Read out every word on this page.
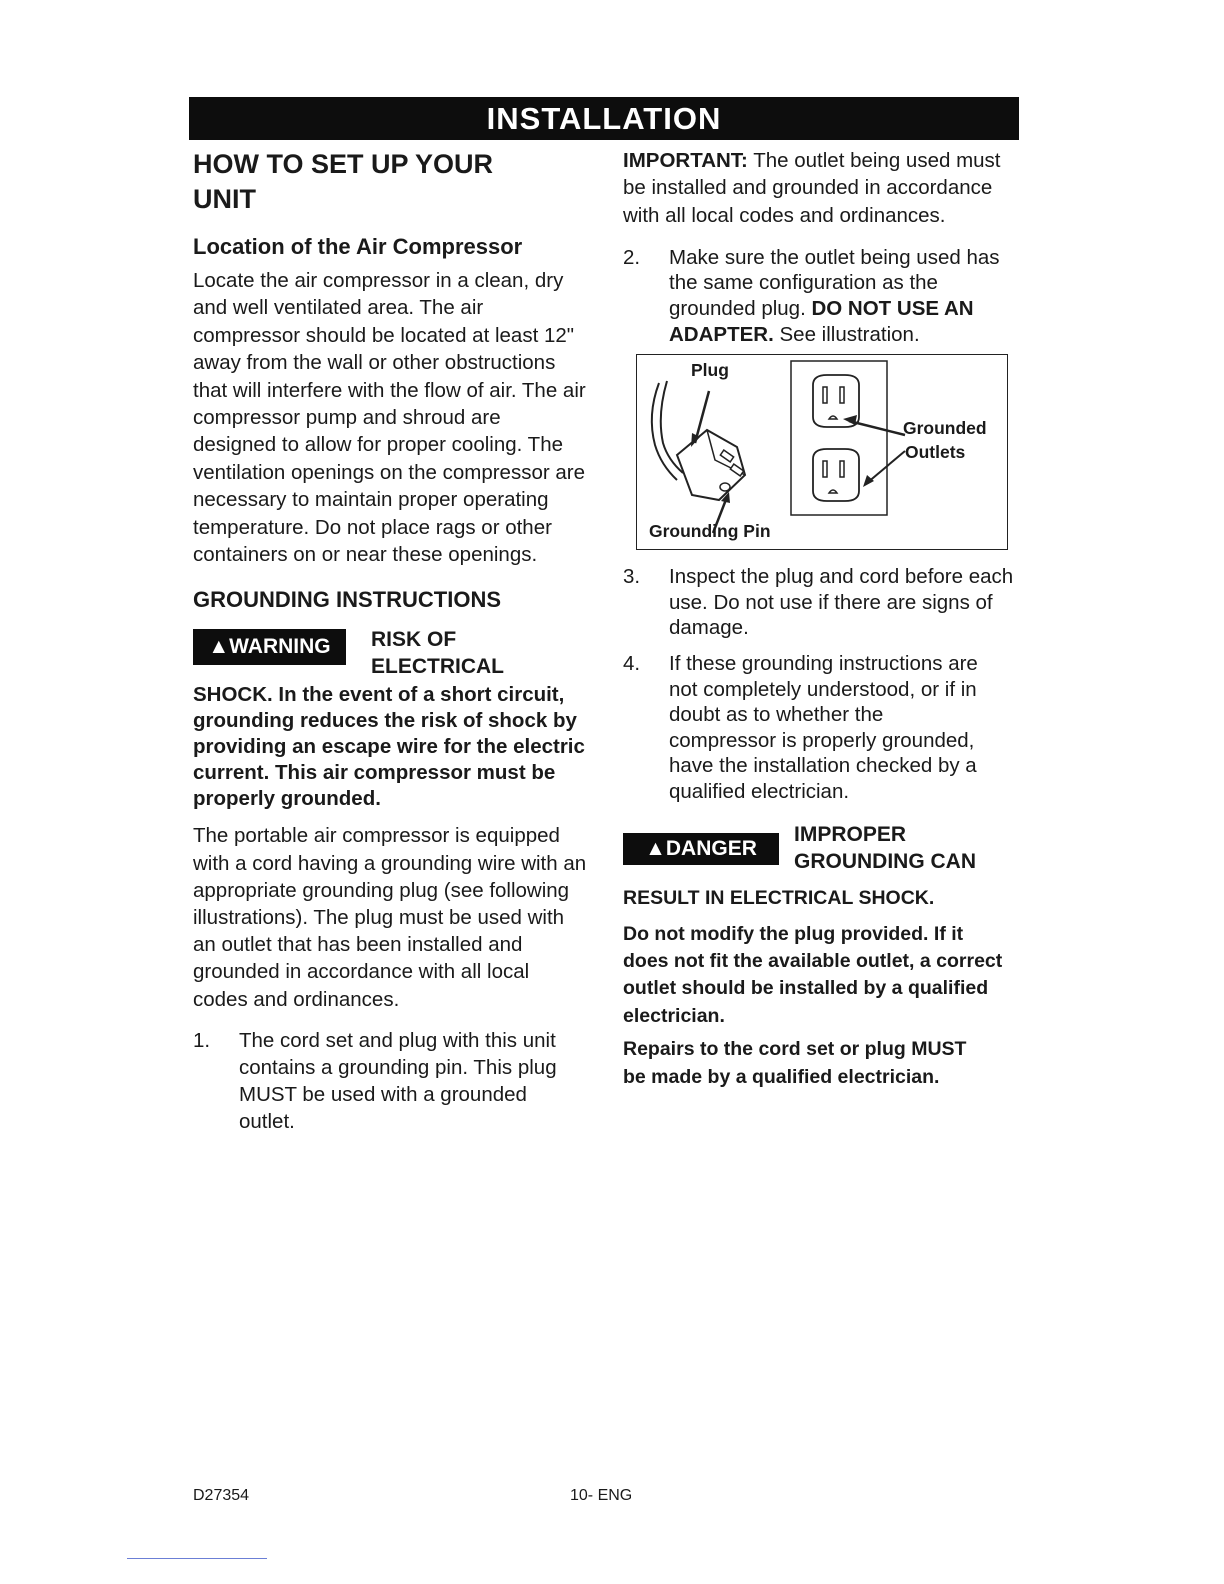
INSTALLATION
HOW TO SET UP YOUR UNIT
Location of the Air Compressor

Locate the air compressor in a clean, dry and well ventilated area. The air compressor should be located at least 12" away from the wall or other obstructions that will interfere with the flow of air. The air compressor pump and shroud are designed to allow for proper cooling. The ventilation openings on the compressor are necessary to maintain proper operating temperature. Do not place rags or other containers on or near these openings.

GROUNDING INSTRUCTIONS
▲WARNING	RISK OF ELECTRICAL

SHOCK. In the event of a short circuit, grounding reduces the risk of shock by providing an escape wire for the electric current. This air compressor must be properly grounded.

The portable air compressor is equipped with a cord having a grounding wire with an appropriate grounding plug (see following illustrations). The plug must be used with an outlet that has been installed and grounded in accordance with all local codes and ordinances.

1.	The cord set and plug with this unit contains a grounding pin. This plug MUST be used with a grounded outlet.

IMPORTANT: The outlet being used must be installed and grounded in accordance with all local codes and ordinances.

2.	Make sure the outlet being used has the same configuration as the grounded plug. DO NOT USE AN ADAPTER. See illustration.
Plug
Grounded
Outlets
Grounding Pin
3.	Inspect the plug and cord before each use. Do not use if there are signs of damage.
4.	If these grounding instructions are not completely understood, or if in doubt as to whether the compressor is properly grounded, have the installation checked by a qualified electrician.
▲DANGER
IMPROPER GROUNDING CAN

RESULT IN ELECTRICAL SHOCK.

Do not modify the plug provided. If it does not fit the available outlet, a correct outlet should be installed by a qualified electrician.

Repairs to the cord set or plug MUST be made by a qualified electrician.

D27354	10- ENG
